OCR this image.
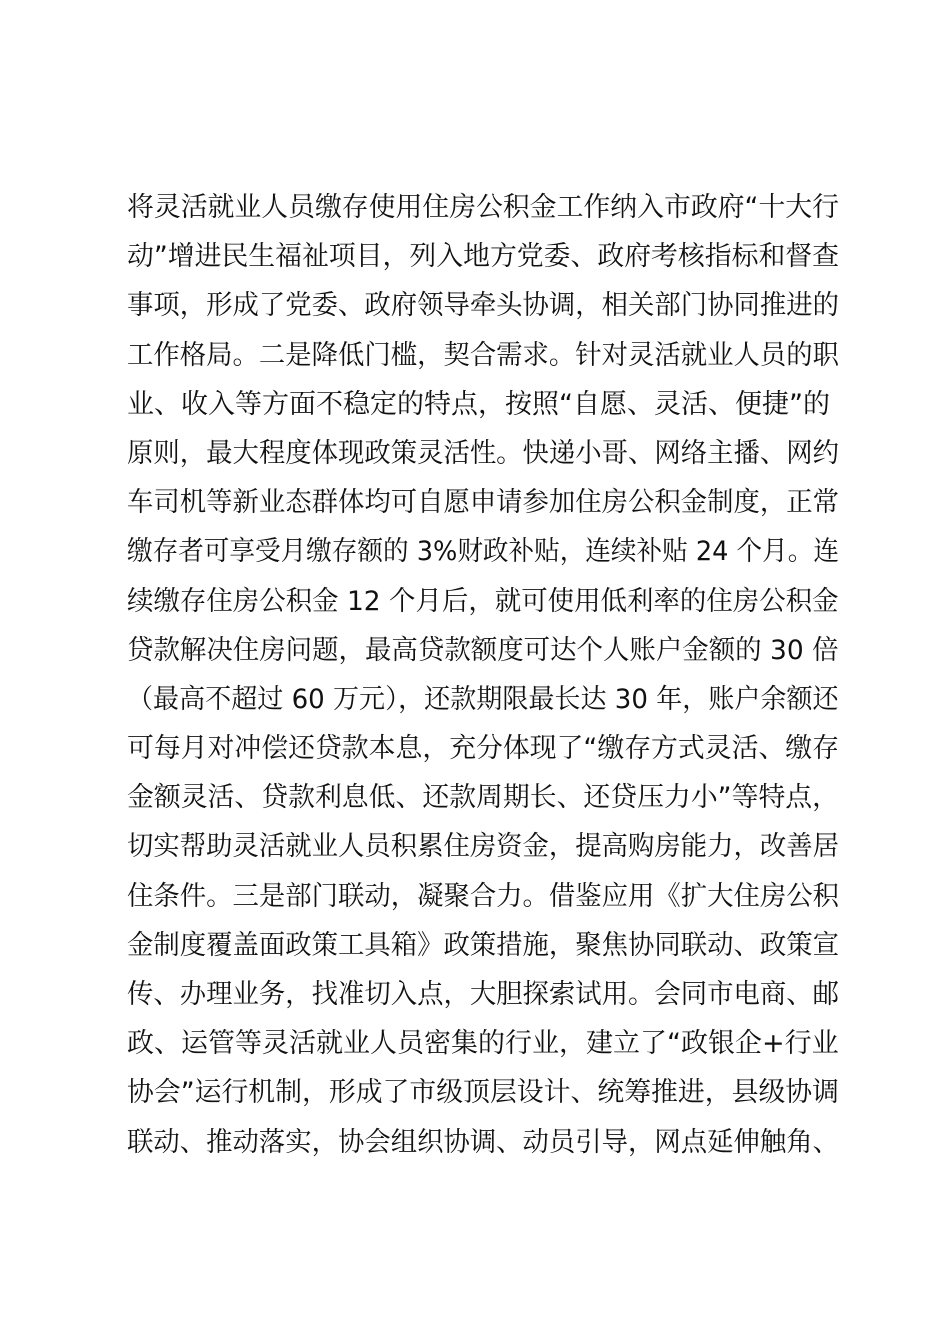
将灵活就业人员缴存使用住房公积金工作纳入市政府“十大行
动”增进民生福祉项目，列入地方党委、政府考核指标和督查
事项，形成了党委、政府领导牵头协调，相关部门协同推进的
工作格局。二是降低门槛，契合需求。针对灵活就业人员的职
业、收入等方面不稳定的特点，按照“自愿、灵活、便捷”的
原则，最大程度体现政策灵活性。快递小哥、网络主播、网约
车司机等新业态群体均可自愿申请参加住房公积金制度，正常
缴存者可享受月缴存额的 3%财政补贴，连续补贴 24 个月。连
续缴存住房公积金 12 个月后，就可使用低利率的住房公积金
贷款解决住房问题，最高贷款额度可达个人账户金额的 30 倍
（最高不超过 60 万元），还款期限最长达 30 年，账户余额还
可每月对冲偿还贷款本息，充分体现了“缴存方式灵活、缴存
金额灵活、贷款利息低、还款周期长、还贷压力小”等特点，
切实帮助灵活就业人员积累住房资金，提高购房能力，改善居
住条件。三是部门联动，凝聚合力。借鉴应用《扩大住房公积
金制度覆盖面政策工具箱》政策措施，聚焦协同联动、政策宣
传、办理业务，找准切入点，大胆探索试用。会同市电商、邮
政、运管等灵活就业人员密集的行业，建立了“政银企+行业
协会”运行机制，形成了市级顶层设计、统筹推进，县级协调
联动、推动落实，协会组织协调、动员引导，网点延伸触角、
